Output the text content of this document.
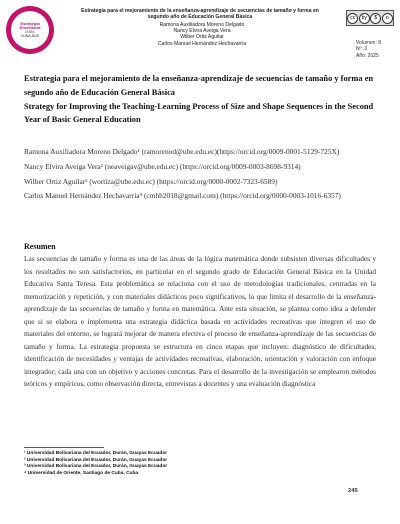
Estrategia
Enseñanza
ISSN:
VUNA-BUE
Estrategia para el mejoramiento de la enseñanza-aprendizaje de secuencias de tamaño y forma en segundo año de Educación General Básica
Ramona Auxiliadora Moreno Delgado
Nancy Elvira Aveiga Vera
Wilber Ortiz Aguilar
Carlos Manuel Hernández Hechavarría
cc	by	$	o
Volumen: 8
Nº: 3
Año: 2025
Estrategia para el mejoramiento de la enseñanza-aprendizaje de secuencias de tamaño y forma en segundo año de Educación General Básica
Strategy for Improving the Teaching-Learning Process of Size and Shape Sequences in the Second Year of Basic General Education

Ramona Auxiliadora Moreno Delgado¹ (ramorenod@ube.edu.ec)(https://orcid.org/0009-0001-5129-725X)

Nancy Elvira Aveiga Vera² (neaveigav@ube.edu.ec) (https://orcid.org/0009-0003-8698-9314)

Wilber Ortiz Aguilar³ (wortiza@ube.edu.ec) (https://orcid.org/0000-0002-7323-6589)

Carlos Manuel Hernández Hechavarría⁴ (cmhh2018@gmail.com) (https://orcid.org/0000-0003-1016-6357)

Resumen

Las secuencias de tamaño y forma es una de las áreas de la lógica matemática donde subsisten diversas dificultades y los resultados no son satisfactorios, en particular en el segundo grado de Educación General Básica en la Unidad Educativa Santa Teresa. Esta problemática se relaciona con el uso de metodologías tradicionales, centradas en la memorización y repetición, y con materiales didácticos poco significativos, lo que limita el desarrollo de la enseñanza-aprendizaje de las secuencias de tamaño y forma en matemática. Ante esta situación, se plantea como idea a defender que si se elabora e implementa una estrategia didáctica basada en actividades recreativas que integren el uso de materiales del entorno, se logrará mejorar de manera efectiva el proceso de enseñanza-aprendizaje de las secuencias de tamaño y forma. La estrategia propuesta se estructura en cinco etapas que incluyen: diagnóstico de dificultades, identificación de necesidades y ventajas de actividades recreativas, elaboración, orientación y valoración con enfoque integrador; cada una con un objetivo y acciones concretas. Para el desarrollo de la investigación se emplearon métodos teóricos y empíricos, como observación directa, entrevistas a docentes y una evaluación diagnóstica

¹ Universidad Bolivariana del Ecuador, Durán, Guayas Ecuador
² Universidad Bolivariana del Ecuador, Durán, Guayas Ecuador
³ Universidad Bolivariana del Ecuador, Durán, Guayas Ecuador
⁴ Universidad de Oriente, Santiago de Cuba, Cuba
245
